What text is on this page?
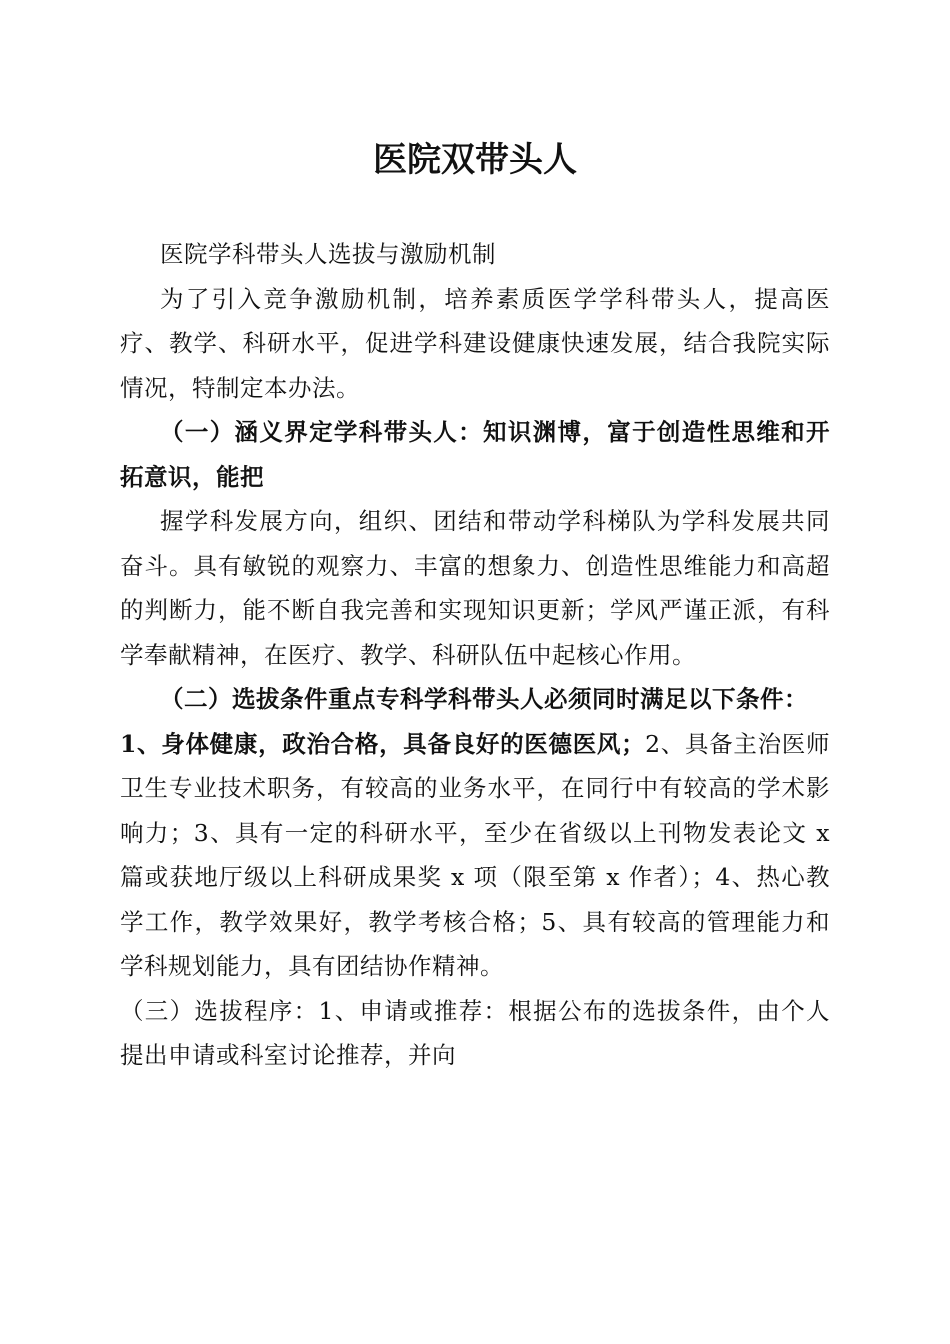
医院双带头人

医院学科带头人选拔与激励机制

为了引入竞争激励机制，培养素质医学学科带头人，提高医疗、教学、科研水平，促进学科建设健康快速发展，结合我院实际情况，特制定本办法。

（一）涵义界定学科带头人：知识渊博，富于创造性思维和开拓意识，能把

握学科发展方向，组织、团结和带动学科梯队为学科发展共同奋斗。具有敏锐的观察力、丰富的想象力、创造性思维能力和高超的判断力，能不断自我完善和实现知识更新；学风严谨正派，有科学奉献精神，在医疗、教学、科研队伍中起核心作用。

（二）选拔条件重点专科学科带头人必须同时满足以下条件：

1、身体健康，政治合格，具备良好的医德医风；2、具备主治医师卫生专业技术职务，有较高的业务水平，在同行中有较高的学术影响力；3、具有一定的科研水平，至少在省级以上刊物发表论文 x 篇或获地厅级以上科研成果奖 x 项（限至第 x 作者）；4、热心教学工作，教学效果好，教学考核合格；5、具有较高的管理能力和学科规划能力，具有团结协作精神。

（三）选拔程序：1、申请或推荐：根据公布的选拔条件，由个人提出申请或科室讨论推荐，并向
